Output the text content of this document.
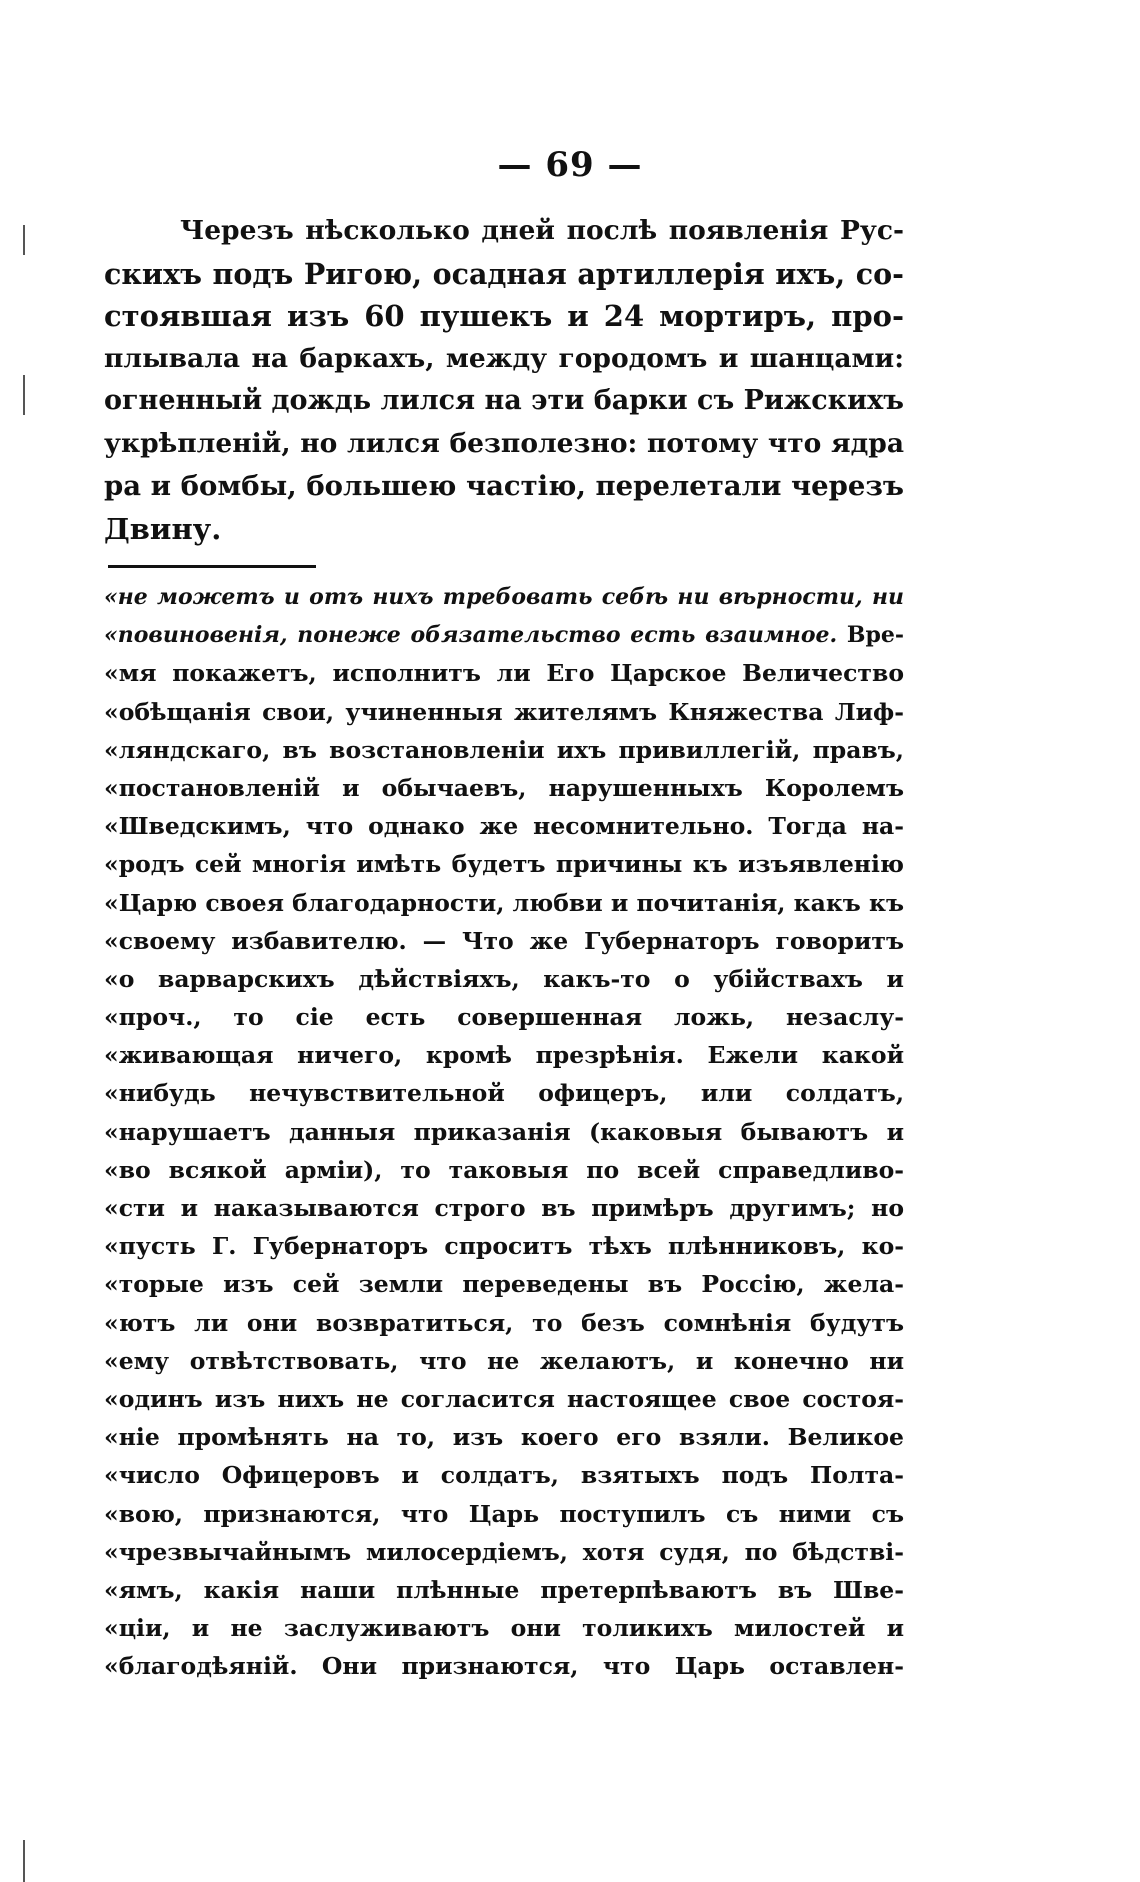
— 69 —
Черезъ нѣсколько дней послѣ появленія Рус-
скихъ подъ Ригою, осадная артиллерія ихъ, со-
стоявшая изъ 60 пушекъ и 24 мортиръ, про-
плывала на баркахъ, между городомъ и шанцами:
огненный дождь лился на эти барки съ Рижскихъ
укрѣпленій, но лился безполезно: потому что ядра
ра и бомбы, большею частію, перелетали черезъ
Двину.
«не можетъ и отъ нихъ требовать себѣ ни вѣрности, ни
«повиновенія, понеже обязательство есть взаимное. Вре-
«мя покажетъ, исполнитъ ли Его Царское Величество
«обѣщанія свои, учиненныя жителямъ Княжества Лиф-
«ляндскаго, въ возстановленіи ихъ привиллегій, правъ,
«постановленій и обычаевъ, нарушенныхъ Королемъ
«Шведскимъ, что однако же несомнительно. Тогда на-
«родъ сей многія имѣть будетъ причины къ изъявленію
«Царю своея благодарности, любви и почитанія, какъ къ
«своему избавителю. — Что же Губернаторъ говоритъ
«о варварскихъ дѣйствіяхъ, какъ-то о убійствахъ и
«проч., то сіе есть совершенная ложь, незаслу-
«живающая ничего, кромѣ презрѣнія. Ежели какой
«нибудь нечувствительной офицеръ, или солдатъ,
«нарушаетъ данныя приказанія (каковыя бываютъ и
«во всякой арміи), то таковыя по всей справедливо-
«сти и наказываются строго въ примѣръ другимъ; но
«пусть Г. Губернаторъ спроситъ тѣхъ плѣнниковъ, ко-
«торые изъ сей земли переведены въ Россію, жела-
«ютъ ли они возвратиться, то безъ сомнѣнія будутъ
«ему отвѣтствовать, что не желаютъ, и конечно ни
«одинъ изъ нихъ не согласится настоящее свое состоя-
«ніе промѣнять на то, изъ коего его взяли. Великое
«число Офицеровъ и солдатъ, взятыхъ подъ Полта-
«вою, признаются, что Царь поступилъ съ ними съ
«чрезвычайнымъ милосердіемъ, хотя судя, по бѣдстві-
«ямъ, какія наши плѣнные претерпѣваютъ въ Шве-
«ціи, и не заслуживаютъ они толикихъ милостей и
«благодѣяній. Они признаются, что Царь оставлен-
